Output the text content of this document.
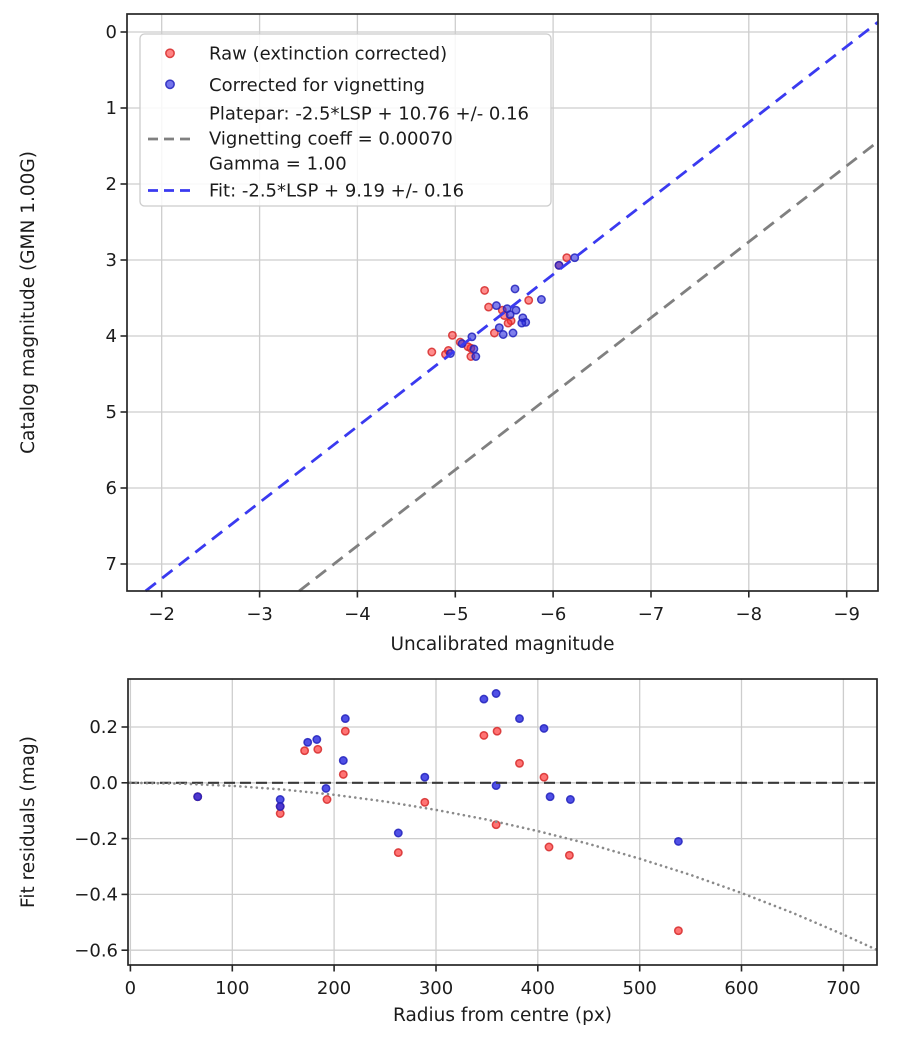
−2	−3	−4	−5	−6	−7	−8	−9
0
1
2
3
4
5
6
7
Uncalibrated magnitude
Catalog magnitude (GMN 1.00G)
Raw (extinction corrected)
Corrected for vignetting
Platepar: -2.5*LSP + 10.76 +/- 0.16
Vignetting coeff = 0.00070
Gamma = 1.00
Fit: -2.5*LSP + 9.19 +/- 0.16
0	100	200	300	400	500	600	700
0.2
0.0
−0.2
−0.4
−0.6
Radius from centre (px)
Fit residuals (mag)
